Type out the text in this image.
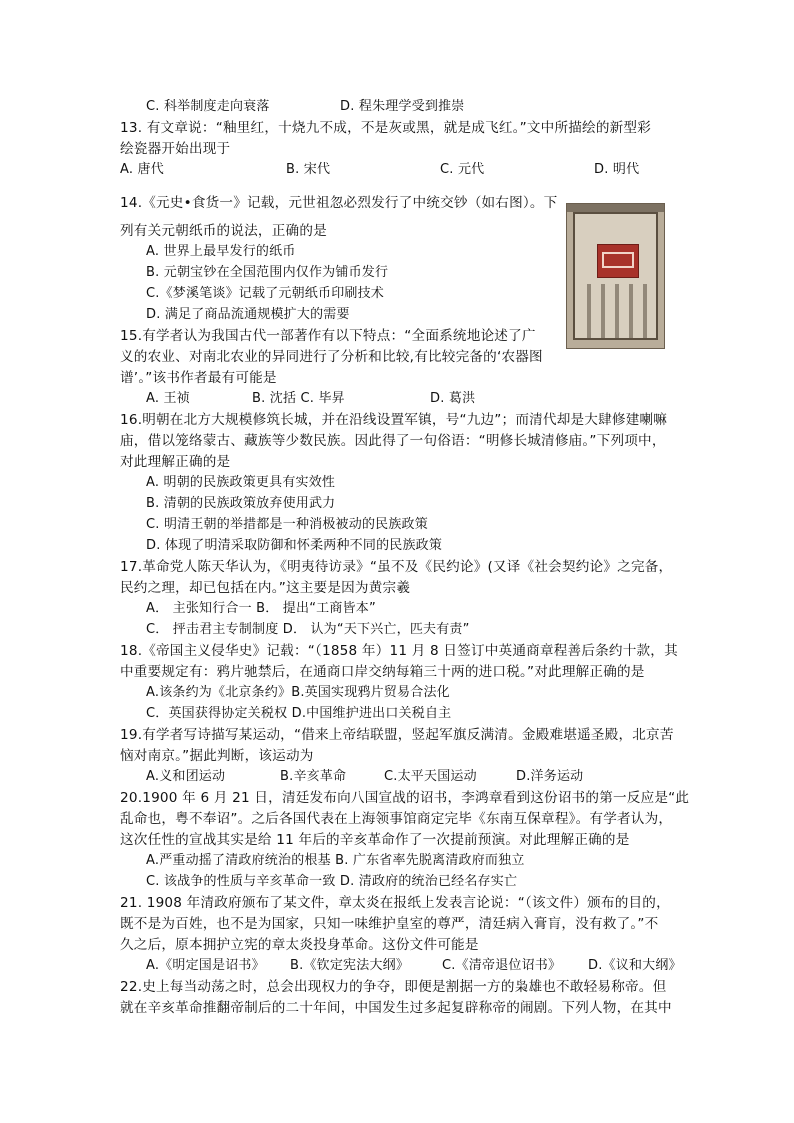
C. 科举制度走向衰落	D. 程朱理学受到推崇
13. 有文章说：“釉里红，十烧九不成，不是灰或黑，就是成飞红。”文中所描绘的新型彩
绘瓷器开始出现于
A. 唐代	B. 宋代	C. 元代	D. 明代
14.《元史•食货一》记载，元世祖忽必烈发行了中统交钞（如右图）。下
列有关元朝纸币的说法，正确的是
A. 世界上最早发行的纸币
B. 元朝宝钞在全国范围内仅作为铺币发行
C.《梦溪笔谈》记载了元朝纸币印刷技术
D. 满足了商品流通规模扩大的需要
15.有学者认为我国古代一部著作有以下特点：“全面系统地论述了广
义的农业、对南北农业的异同进行了分析和比较,有比较完备的‘农器图
谱’。”该书作者最有可能是
A. 王祯	B. 沈括 C. 毕昇	D. 葛洪
16.明朝在北方大规模修筑长城，并在沿线设置军镇，号“九边”；而清代却是大肆修建喇嘛
庙，借以笼络蒙古、藏族等少数民族。因此得了一句俗语：“明修长城清修庙。”下列项中，
对此理解正确的是
A. 明朝的民族政策更具有实效性
B. 清朝的民族政策放弃使用武力
C. 明清王朝的举措都是一种消极被动的民族政策
D. 体现了明清采取防御和怀柔两种不同的民族政策
17.革命党人陈天华认为，《明夷待访录》“虽不及《民约论》(又译《社会契约论》之完备，
民约之理，却已包括在内。”这主要是因为黄宗羲
A． 主张知行合一 B． 提出“工商皆本”
C． 抨击君主专制制度 D． 认为“天下兴亡，匹夫有责”
18.《帝国主义侵华史》记载：“（1858 年）11 月 8 日签订中英通商章程善后条约十款，其
中重要规定有：鸦片驰禁后，在通商口岸交纳每箱三十两的进口税。”对此理解正确的是
A.该条约为《北京条约》B.英国实现鸦片贸易合法化
C．英国获得协定关税权 D.中国维护进出口关税自主
19.有学者写诗描写某运动，“借来上帝结联盟，竖起军旗反满清。金殿难堪遥圣殿，北京苦
恼对南京。”据此判断，该运动为
A.义和团运动	B.辛亥革命	C.太平天国运动	D.洋务运动
20.1900 年 6 月 21 日，清廷发布向八国宣战的诏书，李鸿章看到这份诏书的第一反应是“此
乱命也，粤不奉诏”。之后各国代表在上海领事馆商定完毕《东南互保章程》。有学者认为，
这次任性的宣战其实是给 11 年后的辛亥革命作了一次提前预演。对此理解正确的是
A.严重动摇了清政府统治的根基 B. 广东省率先脱离清政府而独立
C. 该战争的性质与辛亥革命一致 D. 清政府的统治已经名存实亡
21. 1908 年清政府颁布了某文件，章太炎在报纸上发表言论说：“（该文件）颁布的目的，
既不是为百姓，也不是为国家，只知一味维护皇室的尊严，清廷病入膏肓，没有救了。”不
久之后，原本拥护立宪的章太炎投身革命。这份文件可能是
A.《明定国是诏书》 B.《钦定宪法大纲》	C.《清帝退位诏书》 D.《议和大纲》
22.史上每当动荡之时，总会出现权力的争夺，即便是割据一方的枭雄也不敢轻易称帝。但
就在辛亥革命推翻帝制后的二十年间，中国发生过多起复辟称帝的闹剧。下列人物，在其中
